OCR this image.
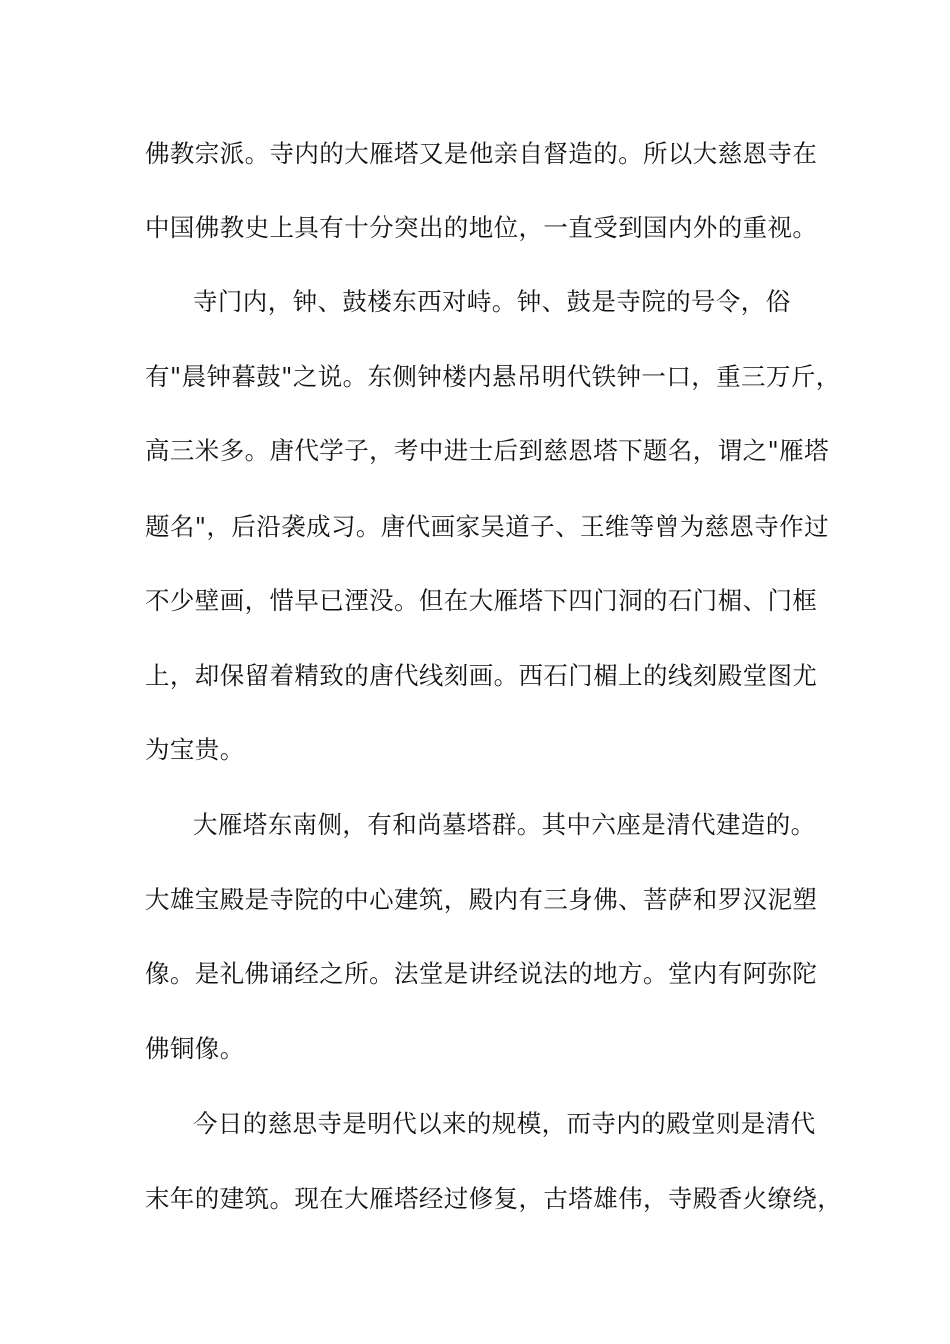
佛教宗派。寺内的大雁塔又是他亲自督造的。所以大慈恩寺在
中国佛教史上具有十分突出的地位，一直受到国内外的重视。
寺门内，钟、鼓楼东西对峙。钟、鼓是寺院的号令，俗
有"晨钟暮鼓"之说。东侧钟楼内悬吊明代铁钟一口，重三万斤，
高三米多。唐代学子，考中进士后到慈恩塔下题名，谓之"雁塔
题名"，后沿袭成习。唐代画家吴道子、王维等曾为慈恩寺作过
不少壁画，惜早已湮没。但在大雁塔下四门洞的石门楣、门框
上，却保留着精致的唐代线刻画。西石门楣上的线刻殿堂图尤
为宝贵。
大雁塔东南侧，有和尚墓塔群。其中六座是清代建造的。
大雄宝殿是寺院的中心建筑，殿内有三身佛、菩萨和罗汉泥塑
像。是礼佛诵经之所。法堂是讲经说法的地方。堂内有阿弥陀
佛铜像。
今日的慈思寺是明代以来的规模，而寺内的殿堂则是清代
末年的建筑。现在大雁塔经过修复，古塔雄伟，寺殿香火缭绕，
